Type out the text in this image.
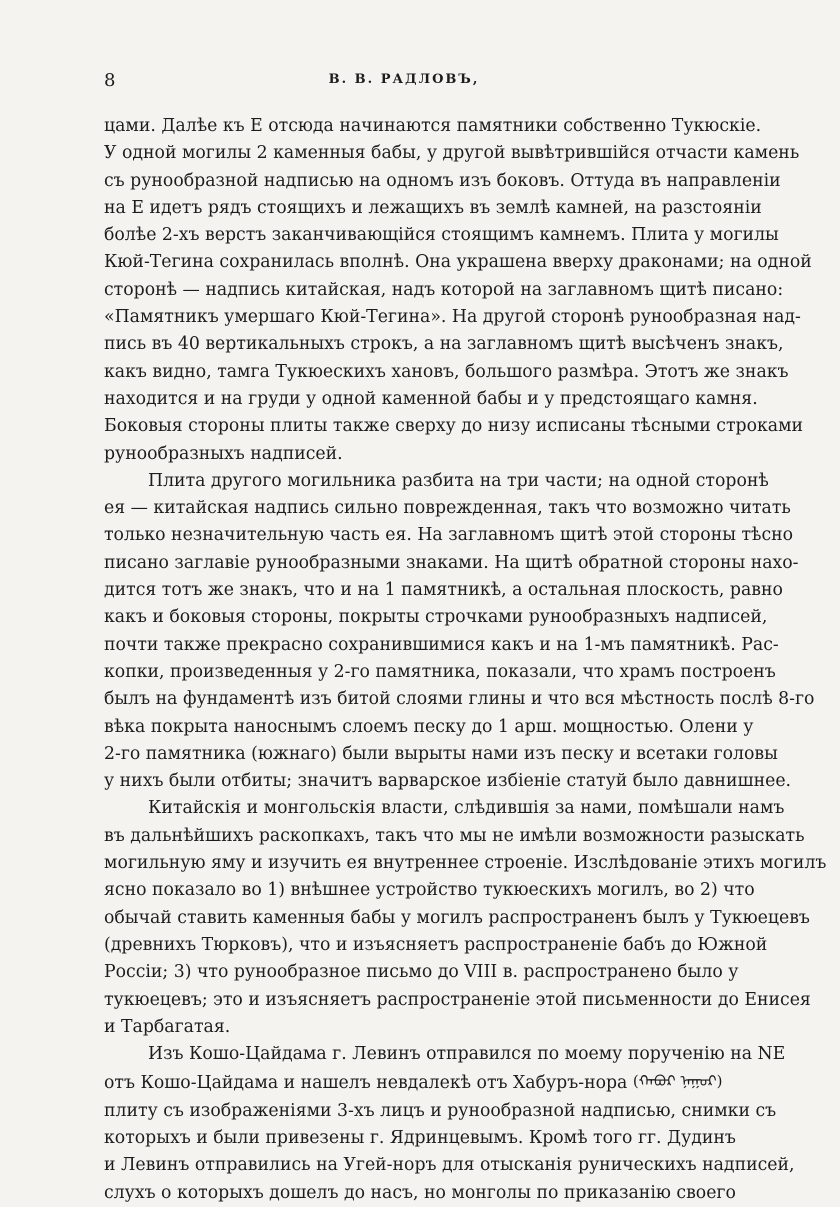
8	В. В. РАДЛОВЪ,

цами. Далѣе къ Е отсюда начинаются памятники собственно Тукюскіе.
У одной могилы 2 каменныя бабы, у другой вывѣтрившійся отчасти камень
съ рунообразной надписью на одномъ изъ боковъ. Оттуда въ направленіи
на Е идетъ рядъ стоящихъ и лежащихъ въ землѣ камней, на разстояніи
болѣе 2-хъ верстъ заканчивающійся стоящимъ камнемъ. Плита у могилы
Кюй-Тегина сохранилась вполнѣ. Она украшена вверху драконами; на одной
сторонѣ — надпись китайская, надъ которой на заглавномъ щитѣ писано:
«Памятникъ умершаго Кюй-Тегина». На другой сторонѣ рунообразная над-
пись въ 40 вертикальныхъ строкъ, а на заглавномъ щитѣ высѣченъ знакъ,
какъ видно, тамга Тукюескихъ хановъ, большого размѣра. Этотъ же знакъ
находится и на груди у одной каменной бабы и у предстоящаго камня.
Боковыя стороны плиты также сверху до низу исписаны тѣсными строками
рунообразныхъ надписей.

Плита другого могильника разбита на три части; на одной сторонѣ
ея — китайская надпись сильно поврежденная, такъ что возможно читать
только незначительную часть ея. На заглавномъ щитѣ этой стороны тѣсно
писано заглавіе рунообразными знаками. На щитѣ обратной стороны нахо-
дится тотъ же знакъ, что и на 1 памятникѣ, а остальная плоскость, равно
какъ и боковыя стороны, покрыты строчками рунообразныхъ надписей,
почти также прекрасно сохранившимися какъ и на 1-мъ памятникѣ. Рас-
копки, произведенныя у 2-го памятника, показали, что храмъ построенъ
былъ на фундаментѣ изъ битой слоями глины и что вся мѣстность послѣ 8-го
вѣка покрыта наноснымъ слоемъ песку до 1 арш. мощностью. Олени у
2-го памятника (южнаго) были вырыты нами изъ песку и всетаки головы
у нихъ были отбиты; значитъ варварское избіеніе статуй было давнишнее.

Китайскія и монгольскія власти, слѣдившія за нами, помѣшали намъ
въ дальнѣйшихъ раскопкахъ, такъ что мы не имѣли возможности разыскать
могильную яму и изучить ея внутреннее строеніе. Изслѣдованіе этихъ могилъ
ясно показало во 1) внѣшнее устройство тукюескихъ могилъ, во 2) что
обычай ставить каменныя бабы у могилъ распространенъ былъ у Тукюецевъ
(древнихъ Тюрковъ), что и изъясняетъ распространеніе бабъ до Южной
Россіи; 3) что рунообразное письмо до VIII в. распространено было у
тукюецевъ; это и изъясняетъ распространеніе этой письменности до Енисея
и Тарбагатая.

Изъ Кошо-Цайдама г. Левинъ отправился по моему порученію на NE
отъ Кошо-Цайдама и нашелъ невдалекѣ отъ Хабуръ-нора (ᠬᠠᠪᠤᠷ ᠨᠠᠭᠤᠷ)
плиту съ изображеніями 3-хъ лицъ и рунообразной надписью, снимки съ
которыхъ и были привезены г. Ядринцевымъ. Кромѣ того гг. Дудинъ
и Левинъ отправились на Угей-норъ для отысканія руническихъ надписей,
слухъ о которыхъ дошелъ до насъ, но монголы по приказанію своего
